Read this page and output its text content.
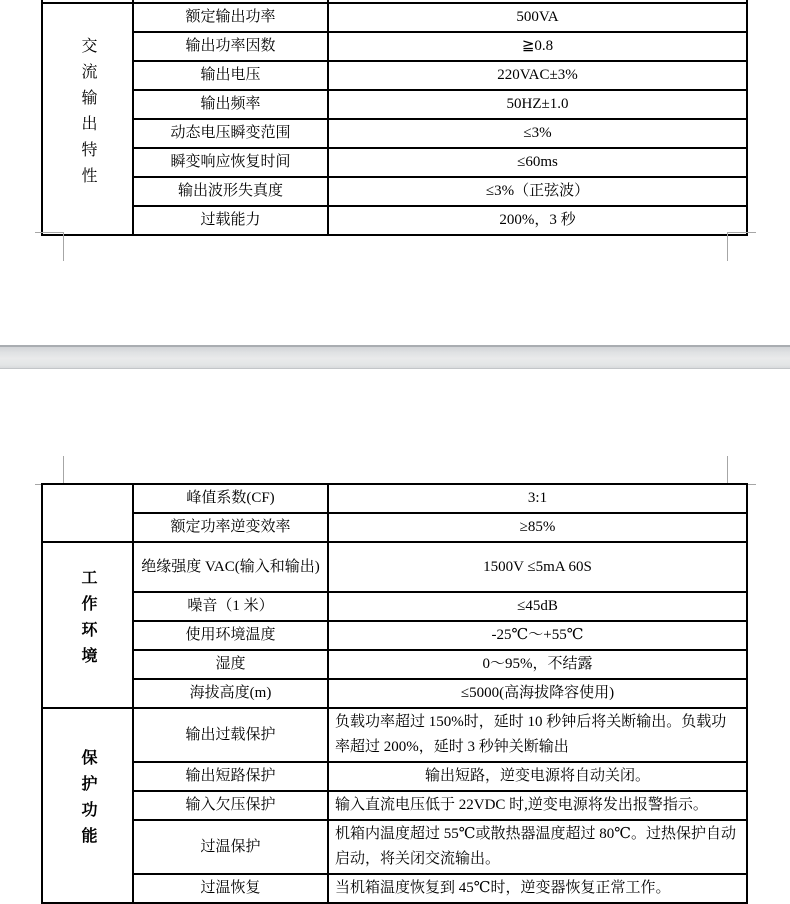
交流输出特性	额定输出功率	500VA
	输出功率因数	≧0.8
	输出电压	220VAC±3%
	输出频率	50HZ±1.0
	动态电压瞬变范围	≤3%
	瞬变响应恢复时间	≤60ms
	输出波形失真度	≤3%（正弦波）
	过载能力	200%，3 秒
	峰值系数(CF)	3:1
	额定功率逆变效率	≥85%
工作环境	绝缘强度 VAC(输入和输出)	1500V ≤5mA 60S
	噪音（1 米）	≤45dB
	使用环境温度	-25℃～+55℃
	湿度	0～95%，不结露
	海拔高度(m)	≤5000(高海拔降容使用)
保护功能	输出过载保护	负载功率超过 150%时，延时 10 秒钟后将关断输出。负载功率超过 200%，延时 3 秒钟关断输出
	输出短路保护	输出短路，逆变电源将自动关闭。
	输入欠压保护	输入直流电压低于 22VDC 时,逆变电源将发出报警指示。
	过温保护	机箱内温度超过 55℃或散热器温度超过 80℃。过热保护自动启动，将关闭交流输出。
	过温恢复	当机箱温度恢复到 45℃时，逆变器恢复正常工作。
